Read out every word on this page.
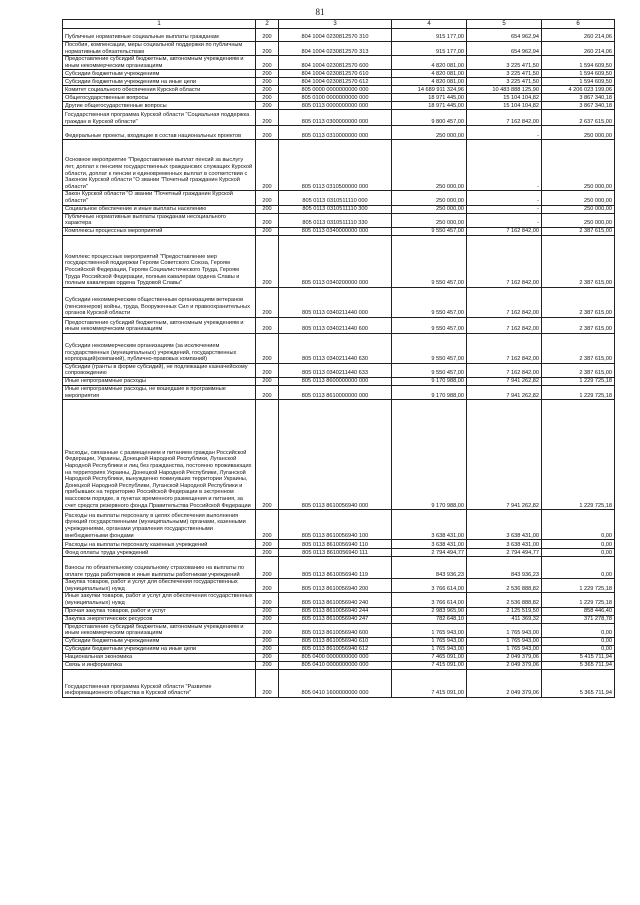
81
1	2	3	4	5	6
Публичные нормативные социальные выплаты гражданам	200	804 1004 0230812570 310	915 177,00	654 962,94	260 214,06
Пособия, компенсации, меры социальной поддержки по публичным нормативным обязательствам	200	804 1004 0230812570 313	915 177,00	654 962,94	260 214,06
Предоставление субсидий бюджетным, автономным учреждениям и иным некоммерческим организациям	200	804 1004 0230812570 600	4 820 081,00	3 225 471,50	1 594 609,50
Субсидии бюджетным учреждениям	200	804 1004 0230812570 610	4 820 081,00	3 225 471,50	1 594 609,50
Субсидии бюджетным учреждениям на иные цели	200	804 1004 0230812570 612	4 820 081,00	3 225 471,50	1 594 609,50
Комитет социального обеспечения Курской области	200	805 0000 0000000000 000	14 689 911 324,96	10 483 888 125,90	4 206 023 199,06
Общегосударственные вопросы	200	805 0100 0000000000 000	18 971 445,00	15 104 104,82	3 867 340,18
Другие общегосударственные вопросы	200	805 0113 0000000000 000	18 971 445,00	15 104 104,82	3 867 340,18
Государственная программа Курской области "Социальная поддержка граждан в Курской области"	200	805 0113 0300000000 000	9 800 457,00	7 162 842,00	2 637 615,00
Федеральные проекты, входящие в состав национальных проектов	200	805 0113 0310000000 000	250 000,00	-	250 000,00
Основное мероприятие "Предоставление выплат пенсий за выслугу лет, доплат к пенсиям государственных гражданских служащих Курской области, доплат к пенсии и единовременных выплат в соответствии с Законом Курской области "О звании "Почетный гражданин Курской области"	200	805 0113 0310500000 000	250 000,00	-	250 000,00
Закон Курской области "О звании "Почетный гражданин Курской области"	200	805 0113 0310511110 000	250 000,00	-	250 000,00
Социальное обеспечение и иные выплаты населению	200	805 0113 0310511110 300	250 000,00	-	250 000,00
Публичные нормативные выплаты гражданам несоциального характера	200	805 0113 0310511110 330	250 000,00	-	250 000,00
Комплексы процессных мероприятий	200	805 0113 0340000000 000	9 550 457,00	7 162 842,00	2 387 615,00
Комплекс процессных мероприятий "Предоставление мер государственной поддержки Героям Советского Союза, Героям Российской Федерации, Героям Социалистического Труда, Героям Труда Российской Федерации, полным кавалерам ордена Славы и полным кавалерам ордена Трудовой Славы"	200	805 0113 0340200000 000	9 550 457,00	7 162 842,00	2 387 615,00
Субсидии некоммерческим общественным организациям ветеранов (пенсионеров) войны, труда, Вооруженных Сил и правоохранительных органов Курской области	200	805 0113 0340211440 000	9 550 457,00	7 162 842,00	2 387 615,00
Предоставление субсидий бюджетным, автономным учреждениям и иным некоммерческим организациям	200	805 0113 0340211440 600	9 550 457,00	7 162 842,00	2 387 615,00
Субсидии некоммерческим организациям (за исключением государственных (муниципальных) учреждений, государственных корпораций(компаний), публично-правовых компаний)	200	805 0113 0340211440 630	9 550 457,00	7 162 842,00	2 387 615,00
Субсидии (гранты в форме субсидий), не подлежащие казначейскому сопровождению	200	805 0113 0340211440 633	9 550 457,00	7 162 842,00	2 387 615,00
Иные непрограммные расходы	200	805 0113 8600000000 000	9 170 988,00	7 941 262,82	1 229 725,18
Иные непрограммные расходы, не вошедшие в программные мероприятия	200	805 0113 8610000000 000	9 170 988,00	7 941 262,82	1 229 725,18
Расходы, связанные с размещением и питанием граждан Российской Федерации, Украины, Донецкой Народной Республики, Луганской Народной Республики и лиц без гражданства, постоянно проживающих на территориях Украины, Донецкой Народной Республики, Луганской Народной Республики, вынужденно покинувших территории Украины, Донецкой Народной Республики, Луганской Народной Республики и прибывших на территорию Российской Федерации в экстренном массовом порядке, в пунктах временного размещения и питания, за счет средств резервного фонда Правительства Российской Федерации	200	805 0113 8610056940 000	9 170 988,00	7 941 262,82	1 229 725,18
Расходы на выплаты персоналу в целях обеспечения выполнения функций государственными (муниципальными) органами, казенными учреждениями, органами управления государственными внебюджетными фондами	200	805 0113 8610056940 100	3 638 431,00	3 638 431,00	0,00
Расходы на выплаты персоналу казенных учреждений	200	805 0113 8610056940 110	3 638 431,00	3 638 431,00	0,00
Фонд оплаты труда учреждений	200	805 0113 8610056940 111	2 794 494,77	2 794 494,77	0,00
Взносы по обязательному социальному страхованию на выплаты по оплате труда работников и иные выплаты работникам учреждений	200	805 0113 8610056940 119	843 936,23	843 936,23	0,00
Закупка товаров, работ и услуг для обеспечения государственных (муниципальных) нужд	200	805 0113 8610056940 200	3 766 614,00	2 536 888,82	1 229 725,18
Иные закупки товаров, работ и услуг для обеспечения государственных (муниципальных) нужд	200	805 0113 8610056940 240	3 766 614,00	2 536 888,82	1 229 725,18
Прочая закупка товаров, работ и услуг	200	805 0113 8610056940 244	2 983 965,90	2 125 519,50	858 446,40
Закупка энергетических ресурсов	200	805 0113 8610056940 247	782 648,10	411 369,32	371 278,78
Предоставление субсидий бюджетным, автономным учреждениям и иным некоммерческим организациям	200	805 0113 8610056940 600	1 765 943,00	1 765 943,00	0,00
Субсидии бюджетным учреждениям	200	805 0113 8610056940 610	1 765 943,00	1 765 943,00	0,00
Субсидии бюджетным учреждениям на иные цели	200	805 0113 8610056940 612	1 765 943,00	1 765 943,00	0,00
Национальная экономика	200	805 0400 0000000000 000	7 465 091,00	2 049 379,06	5 415 711,94
Связь и информатика	200	805 0410 0000000000 000	7 415 091,00	2 049 379,06	5 365 711,94
Государственная программа Курской области "Развитие информационного общества в Курской области"	200	805 0410 1600000000 000	7 415 091,00	2 049 379,06	5 365 711,94
